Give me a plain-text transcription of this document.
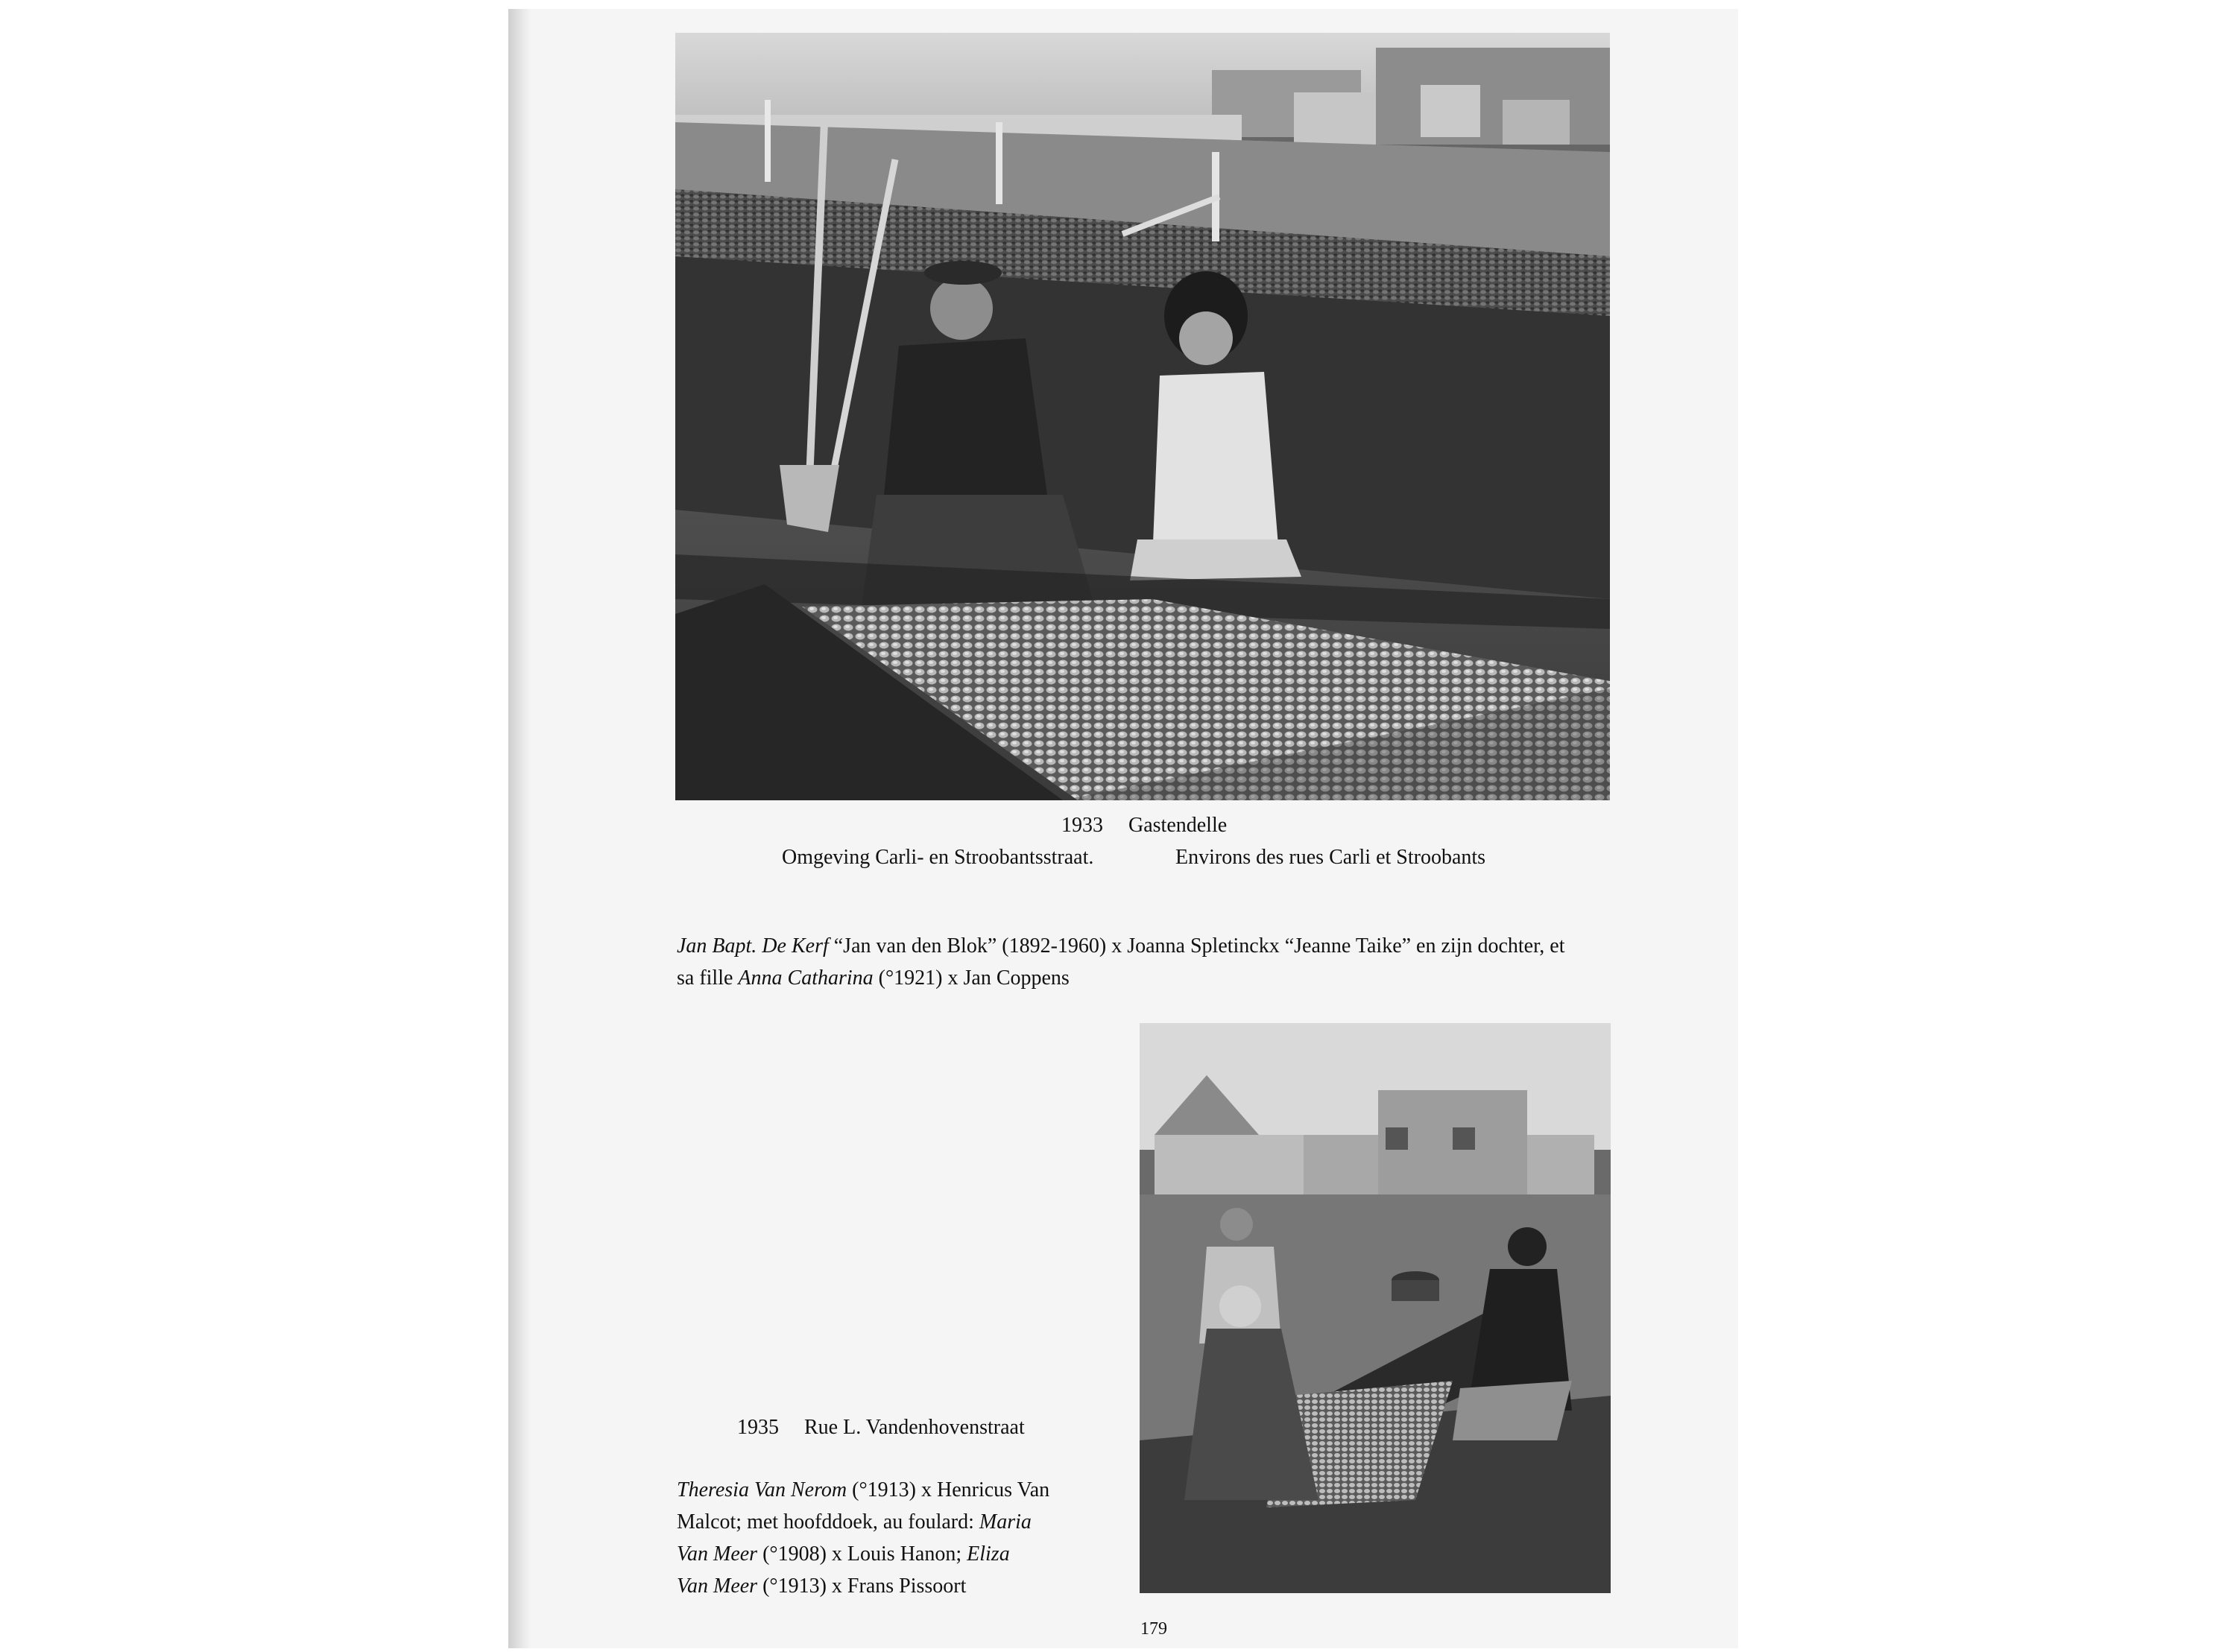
1933 Gastendelle
Omgeving Carli- en Stroobantsstraat.	Environs des rues Carli et Stroobants
Jan Bapt. De Kerf “Jan van den Blok” (1892-1960) x Joanna Spletinckx “Jeanne Taike” en zijn dochter, et
sa fille Anna Catharina (°1921) x Jan Coppens
1935 Rue L. Vandenhovenstraat
Theresia Van Nerom (°1913) x Henricus Van
Malcot; met hoofddoek, au foulard: Maria
Van Meer (°1908) x Louis Hanon; Eliza
Van Meer (°1913) x Frans Pissoort
179
